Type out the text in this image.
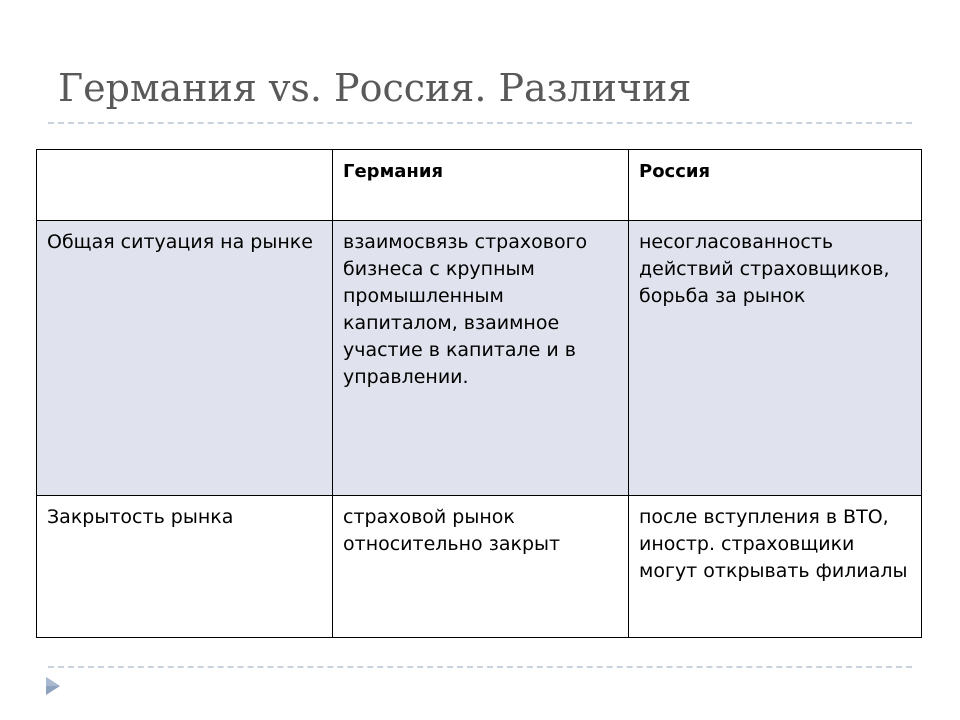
Германия vs. Россия. Различия
	Германия	Россия
Общая ситуация на рынке	взаимосвязь страхового бизнеса с крупным промышленным капиталом, взаимное участие в капитале и в управлении.	несогласованность действий страховщиков, борьба за рынок
Закрытость рынка	страховой рынок относительно закрыт	после вступления в ВТО, иностр. страховщики могут открывать филиалы
